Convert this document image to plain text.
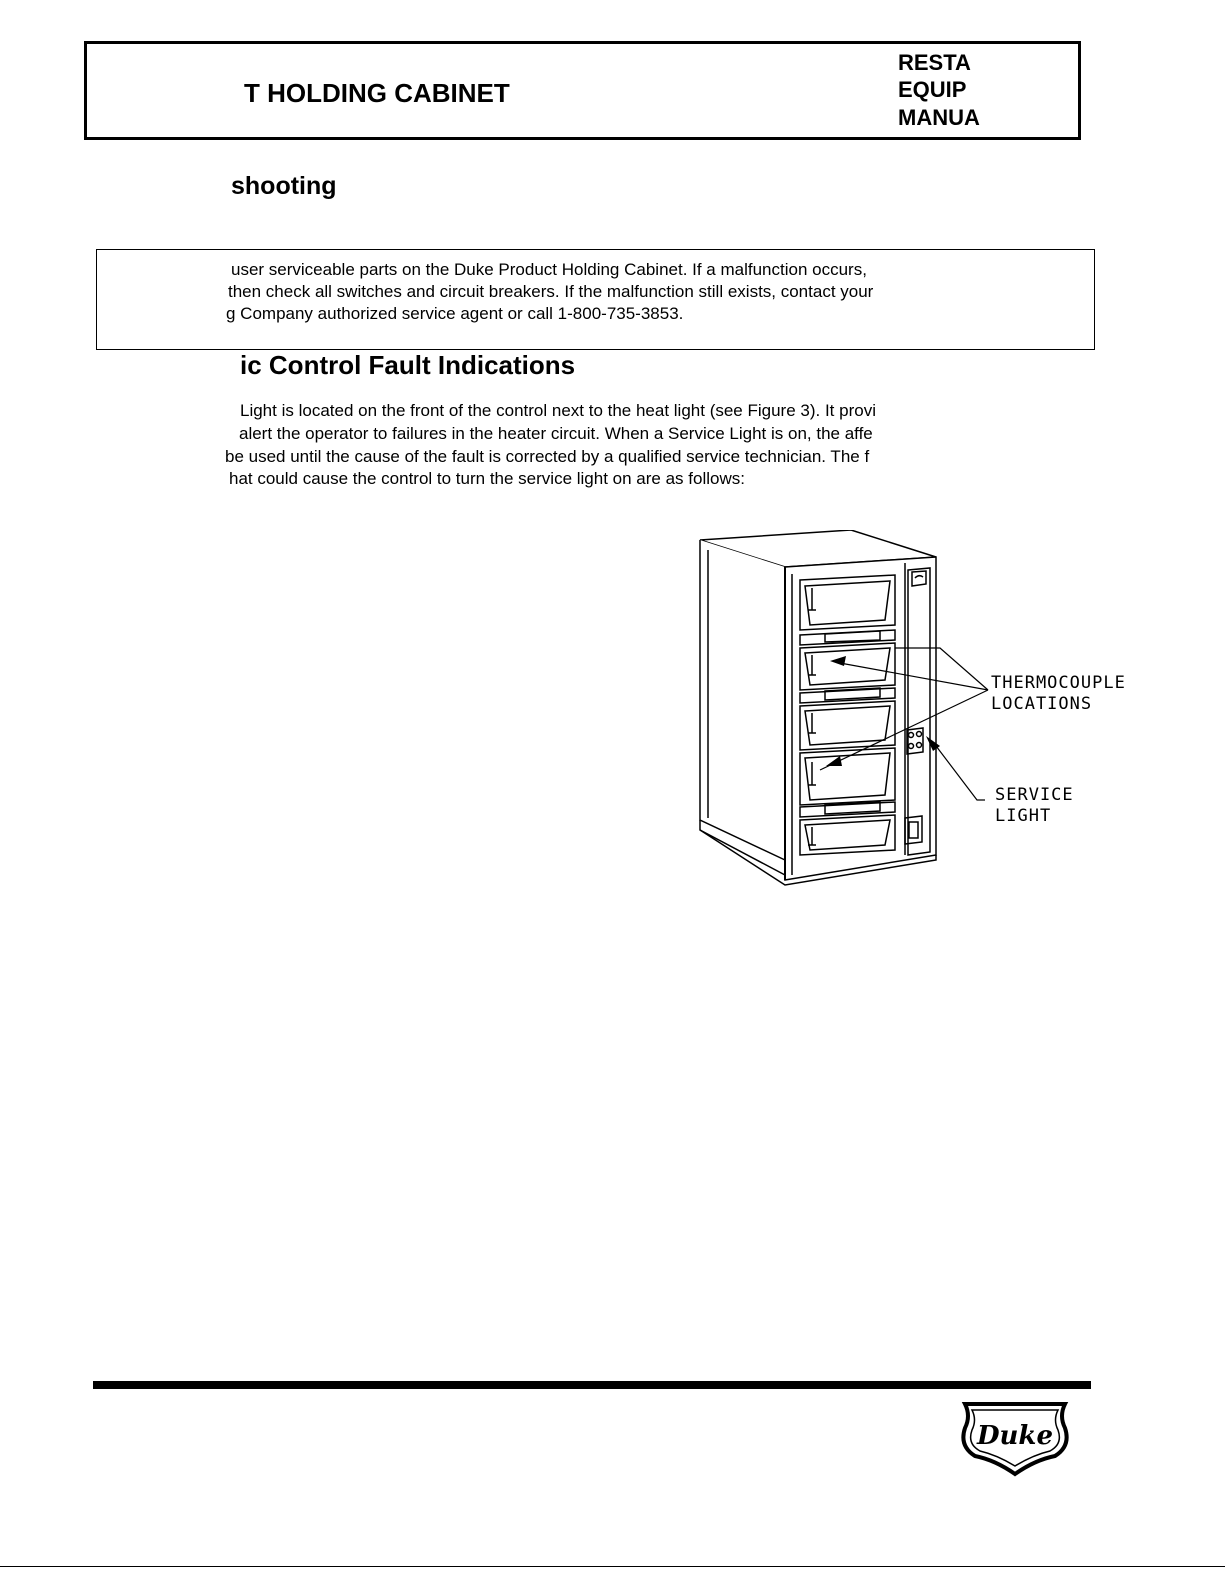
T HOLDING CABINET
RESTA
EQUIP
MANUA
shooting
user serviceable parts on the Duke Product Holding Cabinet. If a malfunction occurs,
then check all switches and circuit breakers. If the malfunction still exists, contact your
g Company authorized service agent or call 1-800-735-3853.
ic Control Fault Indications
Light is located on the front of the control next to the heat light (see Figure 3). It provi
alert the operator to failures in the heater circuit. When a Service Light is on, the affe
be used until the cause of the fault is corrected by a qualified service technician. The f
hat could cause the control to turn the service light on are as follows:
THERMOCOUPLE
LOCATIONS
SERVICE
LIGHT
Duke
